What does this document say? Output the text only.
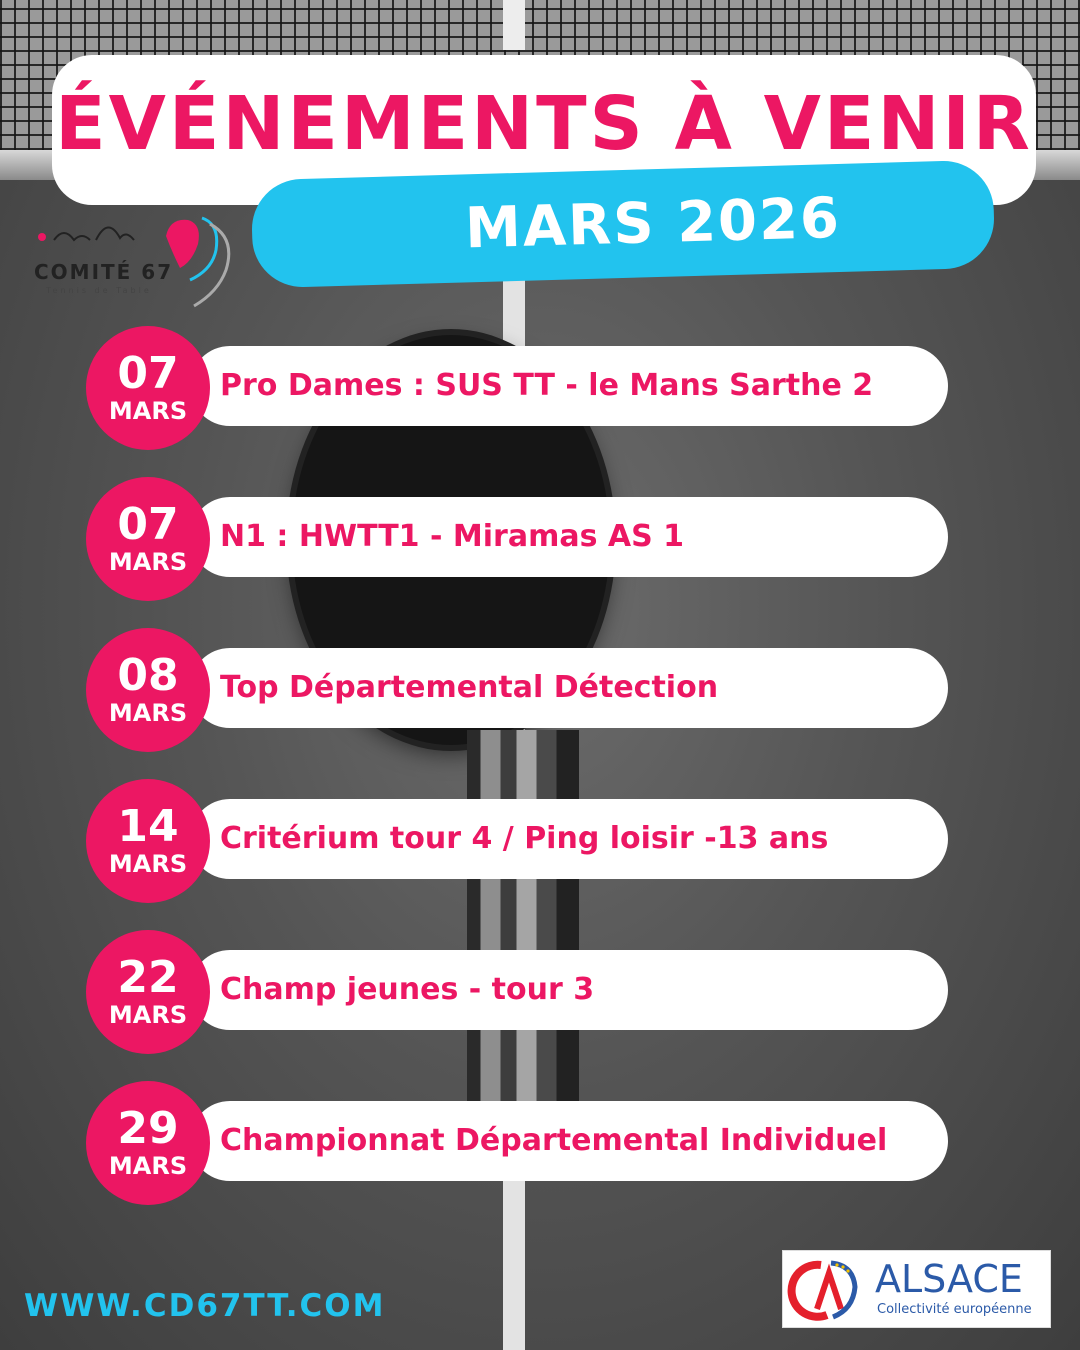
ÉVÉNEMENTS À VENIR
MARS 2026
COMITÉ 67
Tennis de Table
Pro Dames : SUS TT - le Mans Sarthe 2
07
MARS
N1 : HWTT1 - Miramas AS 1
07
MARS
Top Départemental Détection
08
MARS
Critérium tour 4 / Ping loisir -13 ans
14
MARS
Champ jeunes - tour 3
22
MARS
Championnat Départemental Individuel
29
MARS
WWW.CD67TT.COM
ALSACE
Collectivité européenne
